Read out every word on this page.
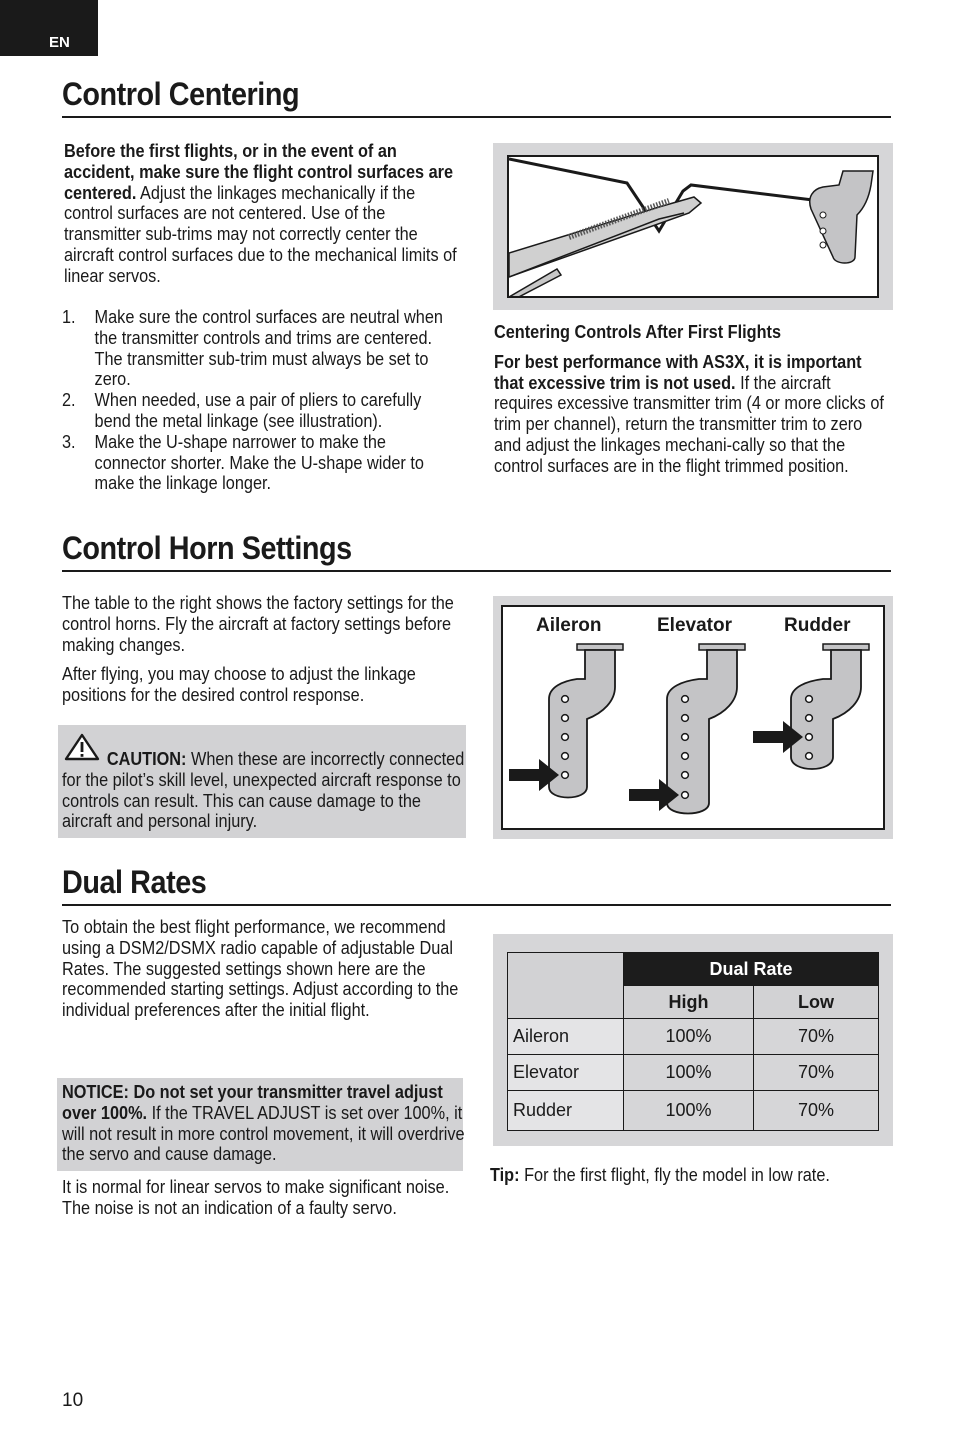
EN
Control Centering

Before the first flights, or in the event of an accident, make sure the flight control surfaces are centered. Adjust the linkages mechanically if the control surfaces are not centered. Use of the transmitter sub-trims may not correctly center the aircraft control surfaces due to the mechanical limits of linear servos.

1. Make sure the control surfaces are neutral when the transmitter controls and trims are centered. The transmitter sub-trim must always be set to zero.
2. When needed, use a pair of pliers to carefully bend the metal linkage (see illustration).
3. Make the U-shape narrower to make the connector shorter. Make the U-shape wider to make the linkage longer.

Centering Controls After First Flights

For best performance with AS3X, it is important that excessive trim is not used. If the aircraft requires excessive transmitter trim (4 or more clicks of trim per channel), return the transmitter trim to zero and adjust the linkages mechani-cally so that the control surfaces are in the flight trimmed position.

Control Horn Settings

The table to the right shows the factory settings for the control horns. Fly the aircraft at factory settings before making changes.

After flying, you may choose to adjust the linkage positions for the desired control response.

CAUTION: When these are incorrectly connected for the pilot’s skill level, unexpected aircraft response to controls can result. This can cause damage to the aircraft and personal injury.
Aileron	Elevator	Rudder
Dual Rates
To obtain the best flight performance, we recommend using a DSM2/DSMX radio capable of adjustable Dual Rates. The suggested settings shown here are the recommended starting settings. Adjust according to the individual preferences after the initial flight.
NOTICE: Do not set your transmitter travel adjust over 100%. If the TRAVEL ADJUST is set over 100%, it will not result in more control movement, it will overdrive the servo and cause damage.
It is normal for linear servos to make significant noise. The noise is not an indication of a faulty servo.
	Dual Rate	
	High	Low
Aileron	100%	70%
Elevator	100%	70%
Rudder	100%	70%
Tip: For the first flight, fly the model in low rate.
10
